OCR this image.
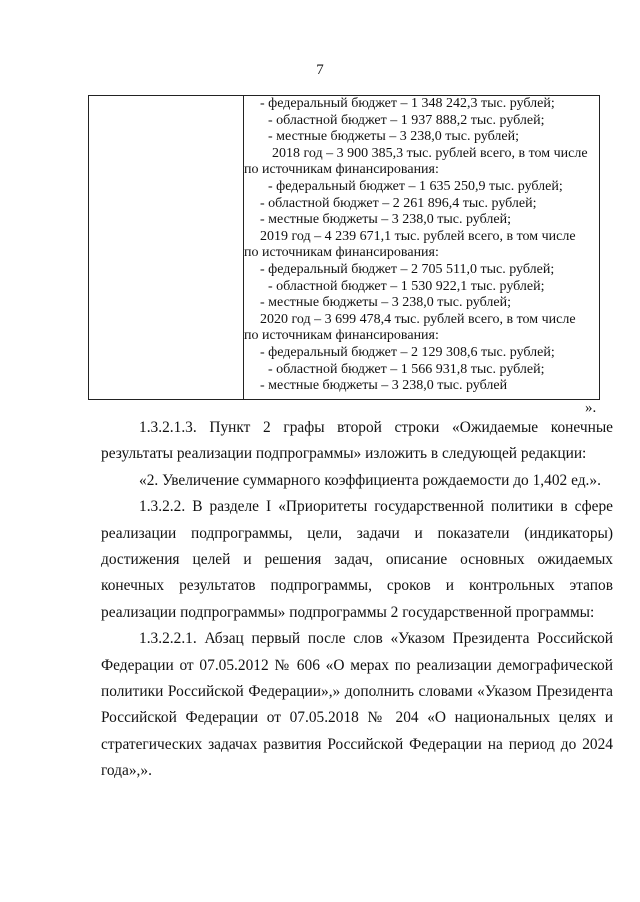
7

- федеральный бюджет – 1 348 242,3 тыс. рублей;
- областной бюджет – 1 937 888,2 тыс. рублей;
- местные бюджеты – 3 238,0 тыс. рублей;
2018 год – 3 900 385,3 тыс. рублей всего, в том числе
по источникам финансирования:
- федеральный бюджет – 1 635 250,9 тыс. рублей;
- областной бюджет – 2 261 896,4 тыс. рублей;
- местные бюджеты – 3 238,0 тыс. рублей;
2019 год – 4 239 671,1 тыс. рублей всего, в том числе
по источникам финансирования:
- федеральный бюджет – 2 705 511,0 тыс. рублей;
- областной бюджет – 1 530 922,1 тыс. рублей;
- местные бюджеты – 3 238,0 тыс. рублей;
2020 год – 3 699 478,4 тыс. рублей всего, в том числе
по источникам финансирования:
- федеральный бюджет – 2 129 308,6 тыс. рублей;
- областной бюджет – 1 566 931,8 тыс. рублей;
- местные бюджеты – 3 238,0 тыс. рублей
».

1.3.2.1.3. Пункт 2 графы второй строки «Ожидаемые конечные результаты реализации подпрограммы» изложить в следующей редакции:

«2. Увеличение суммарного коэффициента рождаемости до 1,402 ед.».

1.3.2.2. В разделе I «Приоритеты государственной политики в сфере реализации подпрограммы, цели, задачи и показатели (индикаторы) достижения целей и решения задач, описание основных ожидаемых конечных результатов подпрограммы, сроков и контрольных этапов реализации подпрограммы» подпрограммы 2 государственной программы:

1.3.2.2.1. Абзац первый после слов «Указом Президента Российской Федерации от 07.05.2012 № 606 «О мерах по реализации демографической политики Российской Федерации»,» дополнить словами «Указом Президента Российской Федерации от 07.05.2018 № 204 «О национальных целях и стратегических задачах развития Российской Федерации на период до 2024 года»,».
